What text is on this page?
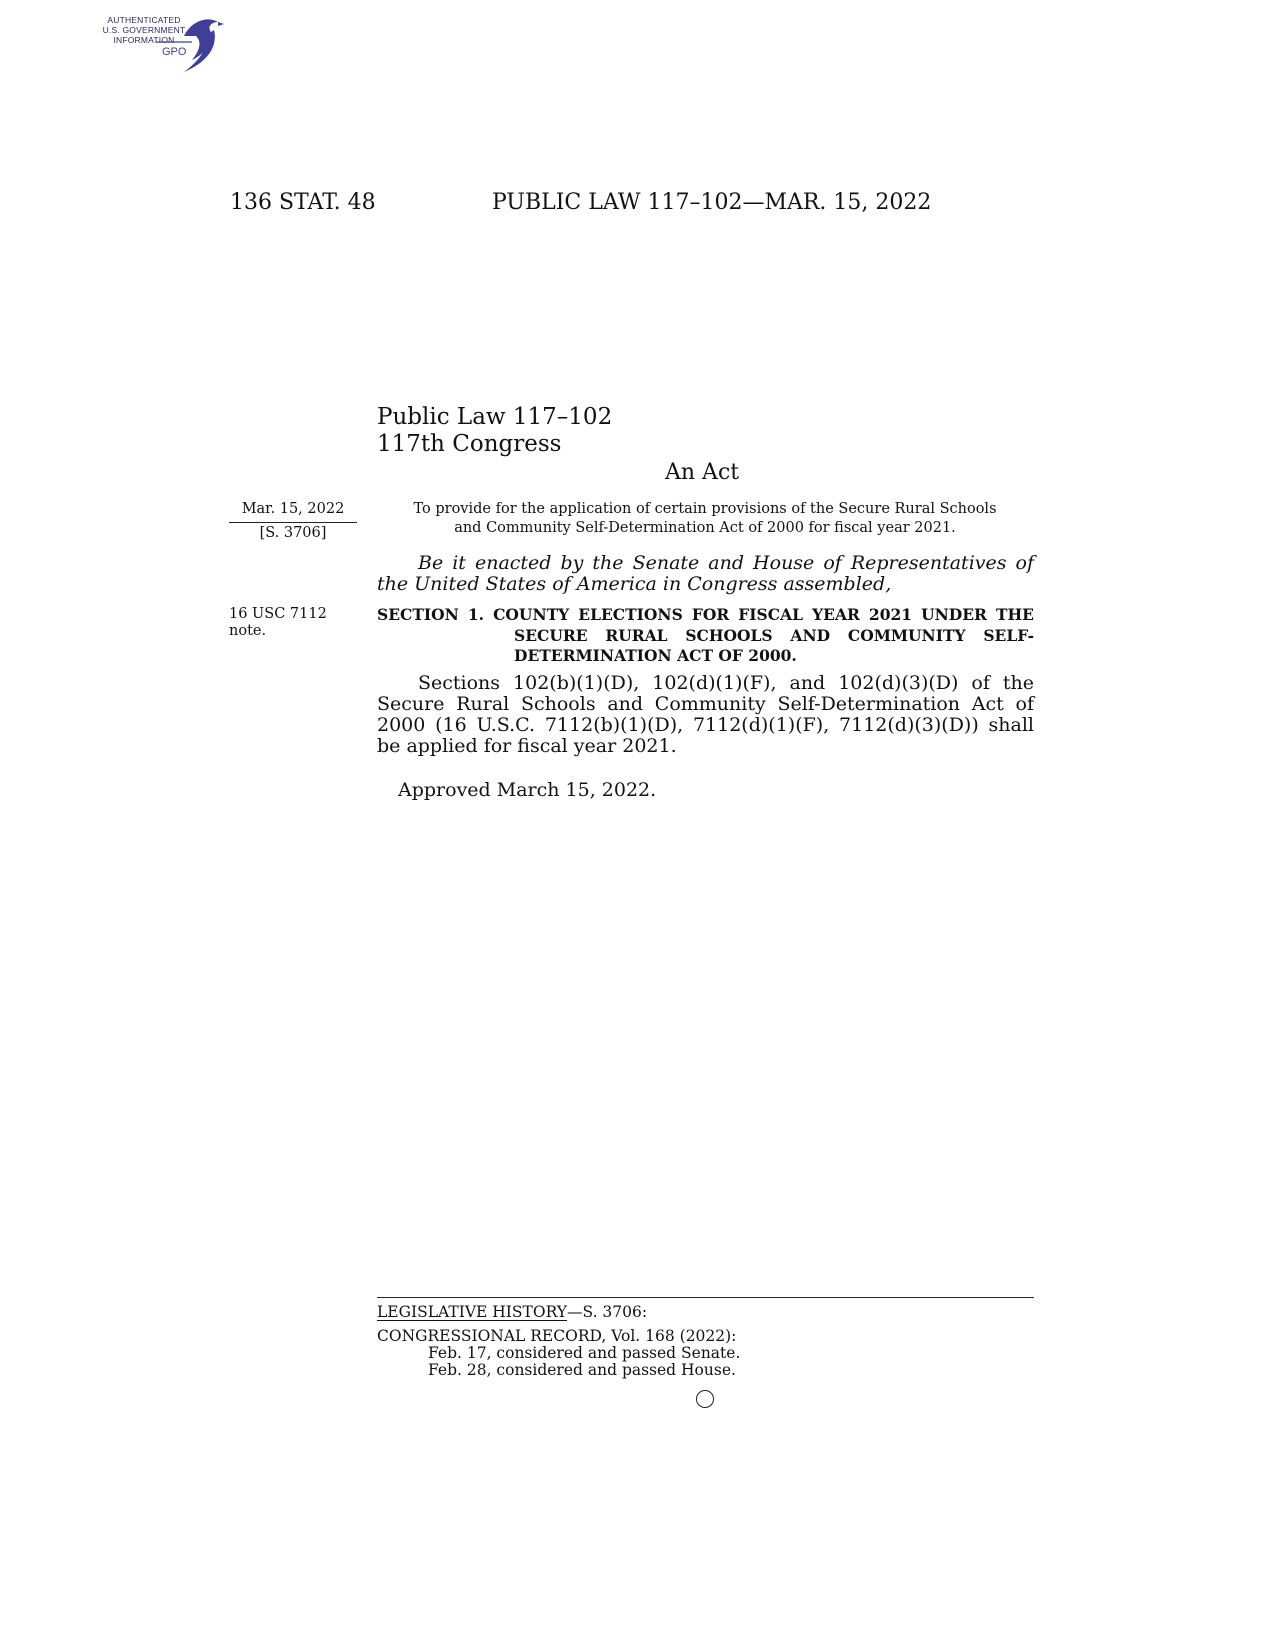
AUTHENTICATED
U.S. GOVERNMENT
INFORMATION
GPO
136 STAT. 48	PUBLIC LAW 117–102—MAR. 15, 2022
Public Law 117–102
117th Congress
An Act
Mar. 15, 2022
[S. 3706]
To provide for the application of certain provisions of the Secure Rural Schools and Community Self-Determination Act of 2000 for fiscal year 2021.
Be it enacted by the Senate and House of Representatives of the United States of America in Congress assembled,
16 USC 7112
note.
SECTION 1. COUNTY ELECTIONS FOR FISCAL YEAR 2021 UNDER THE SECURE RURAL SCHOOLS AND COMMUNITY SELF-DETERMINATION ACT OF 2000.
Sections 102(b)(1)(D), 102(d)(1)(F), and 102(d)(3)(D) of the Secure Rural Schools and Community Self-Determination Act of 2000 (16 U.S.C. 7112(b)(1)(D), 7112(d)(1)(F), 7112(d)(3)(D)) shall be applied for fiscal year 2021.
Approved March 15, 2022.
LEGISLATIVE HISTORY—S. 3706:
CONGRESSIONAL RECORD, Vol. 168 (2022):
Feb. 17, considered and passed Senate.
Feb. 28, considered and passed House.
